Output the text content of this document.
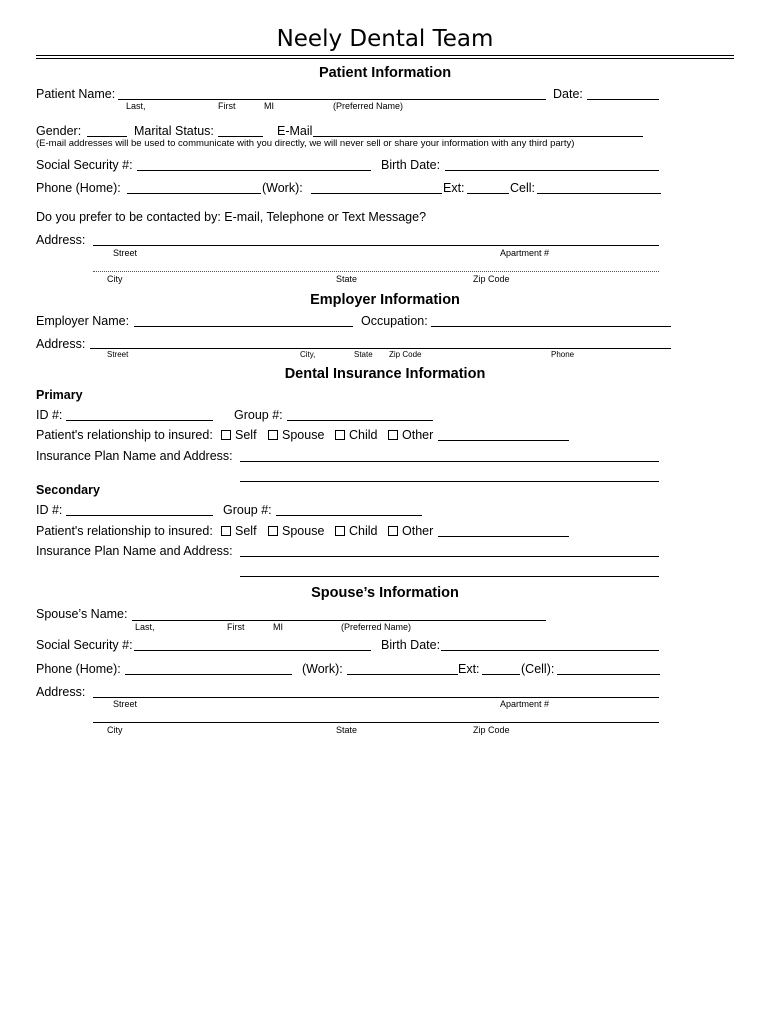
Neely Dental Team
Patient Information
Patient Name:	Date:
Last,	First	MI	(Preferred Name)
Gender:	Marital Status:	E-Mail
(E-mail addresses will be used to communicate with you directly, we will never sell or share your information with any third party)
Social Security #:	Birth Date:
Phone (Home):	(Work):	Ext:	Cell:
Do you prefer to be contacted by: E-mail, Telephone or Text Message?
Address:
Street	Apartment #
City	State	Zip Code
Employer Information
Employer Name:	Occupation:
Address:
Street	City,	State Zip Code	Phone
Dental Insurance Information
Primary
ID #:	Group #:
Patient's relationship to insured: Self Spouse Child Other
Insurance Plan Name and Address:
Secondary
ID #:	Group #:
Patient's relationship to insured: Self Spouse Child Other
Insurance Plan Name and Address:
Spouse’s Information
Spouse’s Name:
Last,	First	MI	(Preferred Name)
Social Security #:	Birth Date:
Phone (Home):	(Work):	Ext:	(Cell):
Address:
Street	Apartment #
City	State	Zip Code
